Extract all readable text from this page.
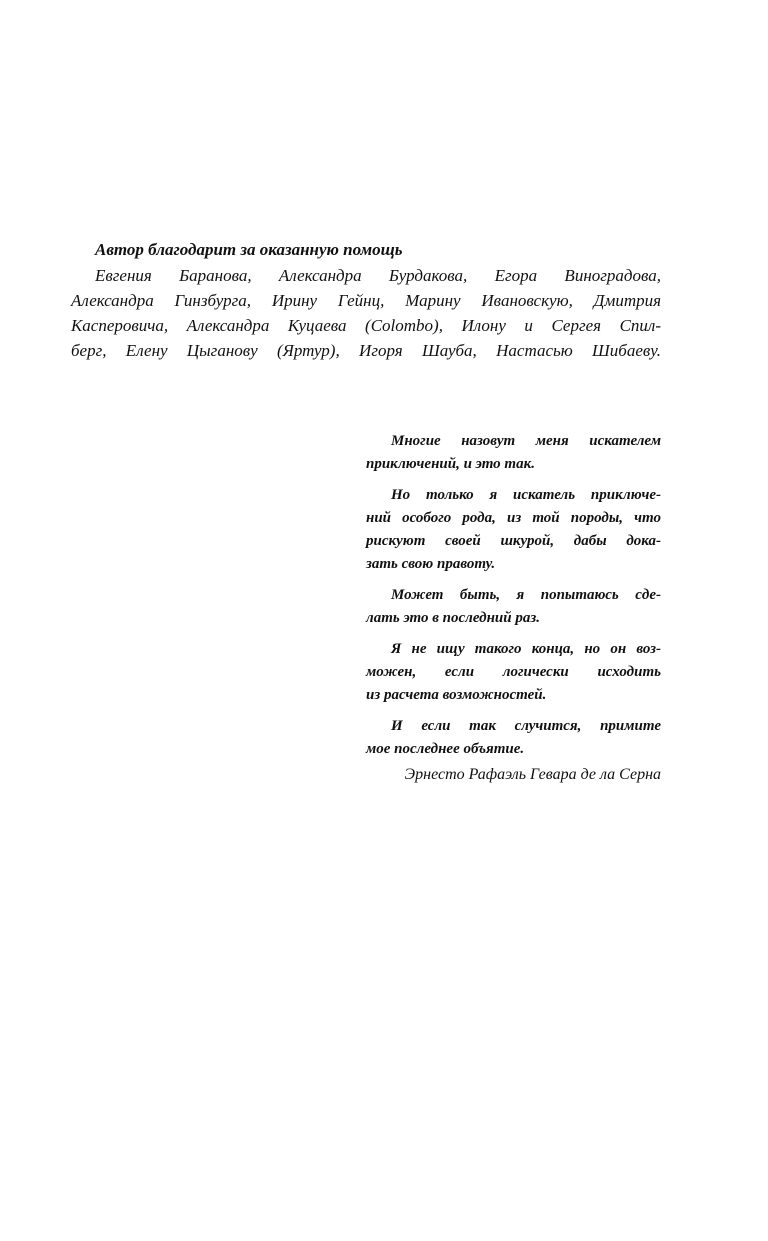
Автор благодарит за оказанную помощь

Евгения Баранова, Александра Бурдакова, Егора Виноградова,
Александра Гинзбурга, Ирину Гейнц, Марину Ивановскую, Дмитрия
Касперовича, Александра Куцаева (Colombo), Илону и Сергея Спил-
берг, Елену Цыганову (Яртур), Игоря Шауба, Настасью Шибаеву.
Многие назовут меня искателем
приключений, и это так.
Но только я искатель приключе-
ний особого рода, из той породы, что
рискуют своей шкурой, дабы дока-
зать свою правоту.
Может быть, я попытаюсь сде-
лать это в последний раз.
Я не ищу такого конца, но он воз-
можен, если логически исходить
из расчета возможностей.
И если так случится, примите
мое последнее объятие.

Эрнесто Рафаэль Гевара де ла Серна
